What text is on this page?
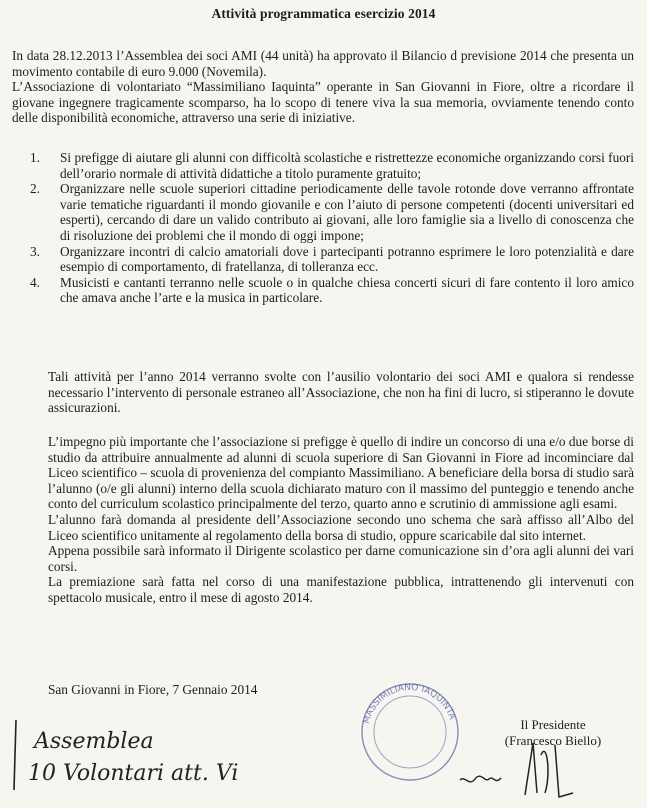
Attività programmatica esercizio 2014

In data 28.12.2013 l’Assemblea dei soci AMI (44 unità) ha approvato il Bilancio d previsione 2014 che presenta un movimento contabile di euro 9.000 (Novemila).

L’Associazione di volontariato “Massimiliano Iaquinta” operante in San Giovanni in Fiore, oltre a ricordare il giovane ingegnere tragicamente scomparso, ha lo scopo di tenere viva la sua memoria, ovviamente tenendo conto delle disponibilità economiche, attraverso una serie di iniziative.

1. Si prefigge di aiutare gli alunni con difficoltà scolastiche e ristrettezze economiche organizzando corsi fuori dell’orario normale di attività didattiche a titolo puramente gratuito;
2. Organizzare nelle scuole superiori cittadine periodicamente delle tavole rotonde dove verranno affrontate varie tematiche riguardanti il mondo giovanile e con l’aiuto di persone competenti (docenti universitari ed esperti), cercando di dare un valido contributo ai giovani, alle loro famiglie sia a livello di conoscenza che di risoluzione dei problemi che il mondo di oggi impone;
3. Organizzare incontri di calcio amatoriali dove i partecipanti potranno esprimere le loro potenzialità e dare esempio di comportamento, di fratellanza, di tolleranza ecc.
4. Musicisti e cantanti terranno nelle scuole o in qualche chiesa concerti sicuri di fare contento il loro amico che amava anche l’arte e la musica in particolare.

Tali attività per l’anno 2014 verranno svolte con l’ausilio volontario dei soci AMI e qualora si rendesse necessario l’intervento di personale estraneo all’Associazione, che non ha fini di lucro, si stiperanno le dovute assicurazioni.

L’impegno più importante che l’associazione si prefigge è quello di indire un concorso di una e/o due borse di studio da attribuire annualmente ad alunni di scuola superiore di San Giovanni in Fiore ad incominciare dal Liceo scientifico – scuola di provenienza del compianto Massimiliano. A beneficiare della borsa di studio sarà l’alunno (o/e gli alunni) interno della scuola dichiarato maturo con il massimo del punteggio e tenendo anche conto del curriculum scolastico principalmente del terzo, quarto anno e scrutinio di ammissione agli esami.

L’alunno farà domanda al presidente dell’Associazione secondo uno schema che sarà affisso all’Albo del Liceo scientifico unitamente al regolamento della borsa di studio, oppure scaricabile dal sito internet.

Appena possibile sarà informato il Dirigente scolastico per darne comunicazione sin d’ora agli alunni dei vari corsi.

La premiazione sarà fatta nel corso di una manifestazione pubblica, intrattenendo gli intervenuti con spettacolo musicale, entro il mese di agosto 2014.

San Giovanni in Fiore, 7 Gennaio 2014
MASSIMILIANO IAQUINTA
Il Presidente
(Francesco Biello)
Assemblea
10 Volontari att. Vi
